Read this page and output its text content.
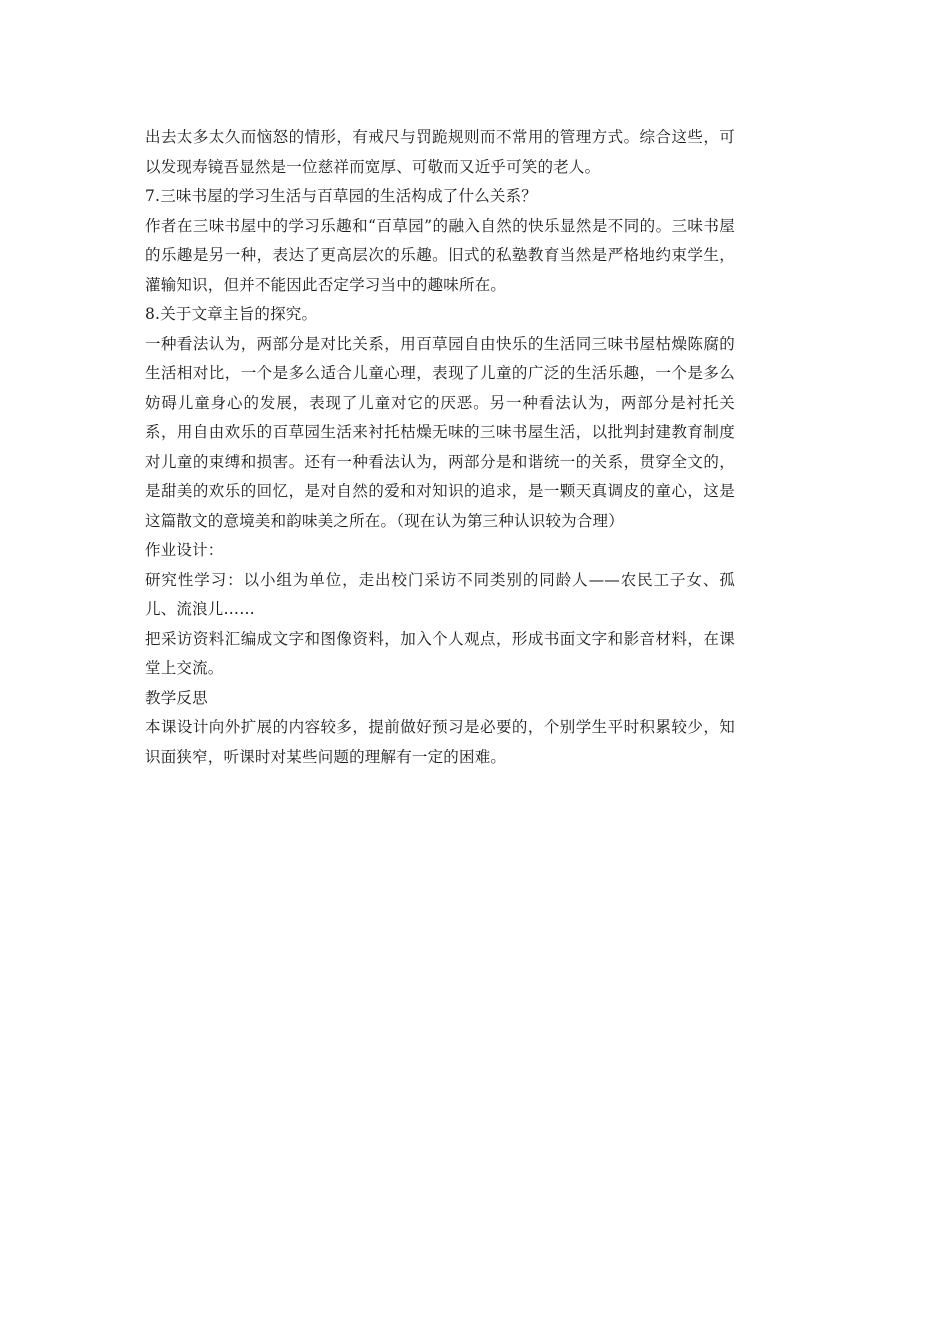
出去太多太久而恼怒的情形，有戒尺与罚跪规则而不常用的管理方式。综合这些，可以发现寿镜吾显然是一位慈祥而宽厚、可敬而又近乎可笑的老人。

7.三味书屋的学习生活与百草园的生活构成了什么关系？

作者在三味书屋中的学习乐趣和“百草园”的融入自然的快乐显然是不同的。三味书屋的乐趣是另一种，表达了更高层次的乐趣。旧式的私塾教育当然是严格地约束学生，灌输知识，但并不能因此否定学习当中的趣味所在。

8.关于文章主旨的探究。

一种看法认为，两部分是对比关系，用百草园自由快乐的生活同三味书屋枯燥陈腐的生活相对比，一个是多么适合儿童心理，表现了儿童的广泛的生活乐趣，一个是多么妨碍儿童身心的发展，表现了儿童对它的厌恶。另一种看法认为，两部分是衬托关系，用自由欢乐的百草园生活来衬托枯燥无味的三味书屋生活，以批判封建教育制度对儿童的束缚和损害。还有一种看法认为，两部分是和谐统一的关系，贯穿全文的，是甜美的欢乐的回忆，是对自然的爱和对知识的追求，是一颗天真调皮的童心，这是这篇散文的意境美和韵味美之所在。（现在认为第三种认识较为合理）

作业设计：

研究性学习：以小组为单位，走出校门采访不同类别的同龄人——农民工子女、孤儿、流浪儿……

把采访资料汇编成文字和图像资料，加入个人观点，形成书面文字和影音材料，在课堂上交流。

教学反思

本课设计向外扩展的内容较多，提前做好预习是必要的，个别学生平时积累较少，知识面狭窄，听课时对某些问题的理解有一定的困难。
